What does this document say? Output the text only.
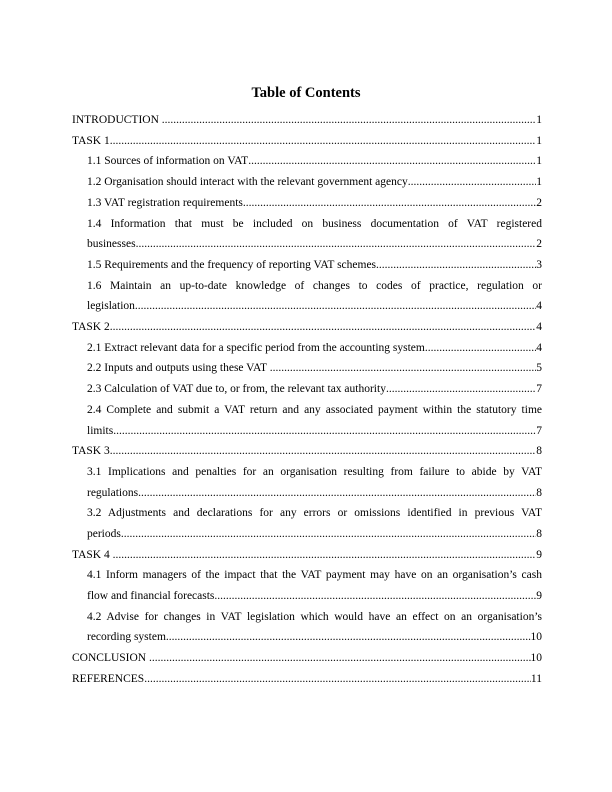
Table of Contents
INTRODUCTION .....	1
TASK 1 .....	1
1.1 Sources of information on VAT .....	1
1.2 Organisation should interact with the relevant government agency .....	1
1.3 VAT registration requirements .....	2
1.4 Information that must be included on business documentation of VAT registered
businesses .....	2
1.5 Requirements and the frequency of reporting VAT schemes .....	3
1.6 Maintain an up-to-date knowledge of changes to codes of practice, regulation or
legislation .....	4
TASK 2 .....	4
2.1 Extract relevant data for a specific period from the accounting system .....	4
2.2 Inputs and outputs using these VAT .....	5
2.3 Calculation of VAT due to, or from, the relevant tax authority .....	7
2.4 Complete and submit a VAT return and any associated payment within the statutory time
limits .....	7
TASK 3 .....	8
3.1 Implications and penalties for an organisation resulting from failure to abide by VAT
regulations .....	8
3.2 Adjustments and declarations for any errors or omissions identified in previous VAT
periods .....	8
TASK 4 .....	9
4.1 Inform managers of the impact that the VAT payment may have on an organisation’s cash
flow and financial forecasts .....	9
4.2 Advise for changes in VAT legislation which would have an effect on an organisation’s
recording system .....	10
CONCLUSION .....	10
REFERENCES .....	11
